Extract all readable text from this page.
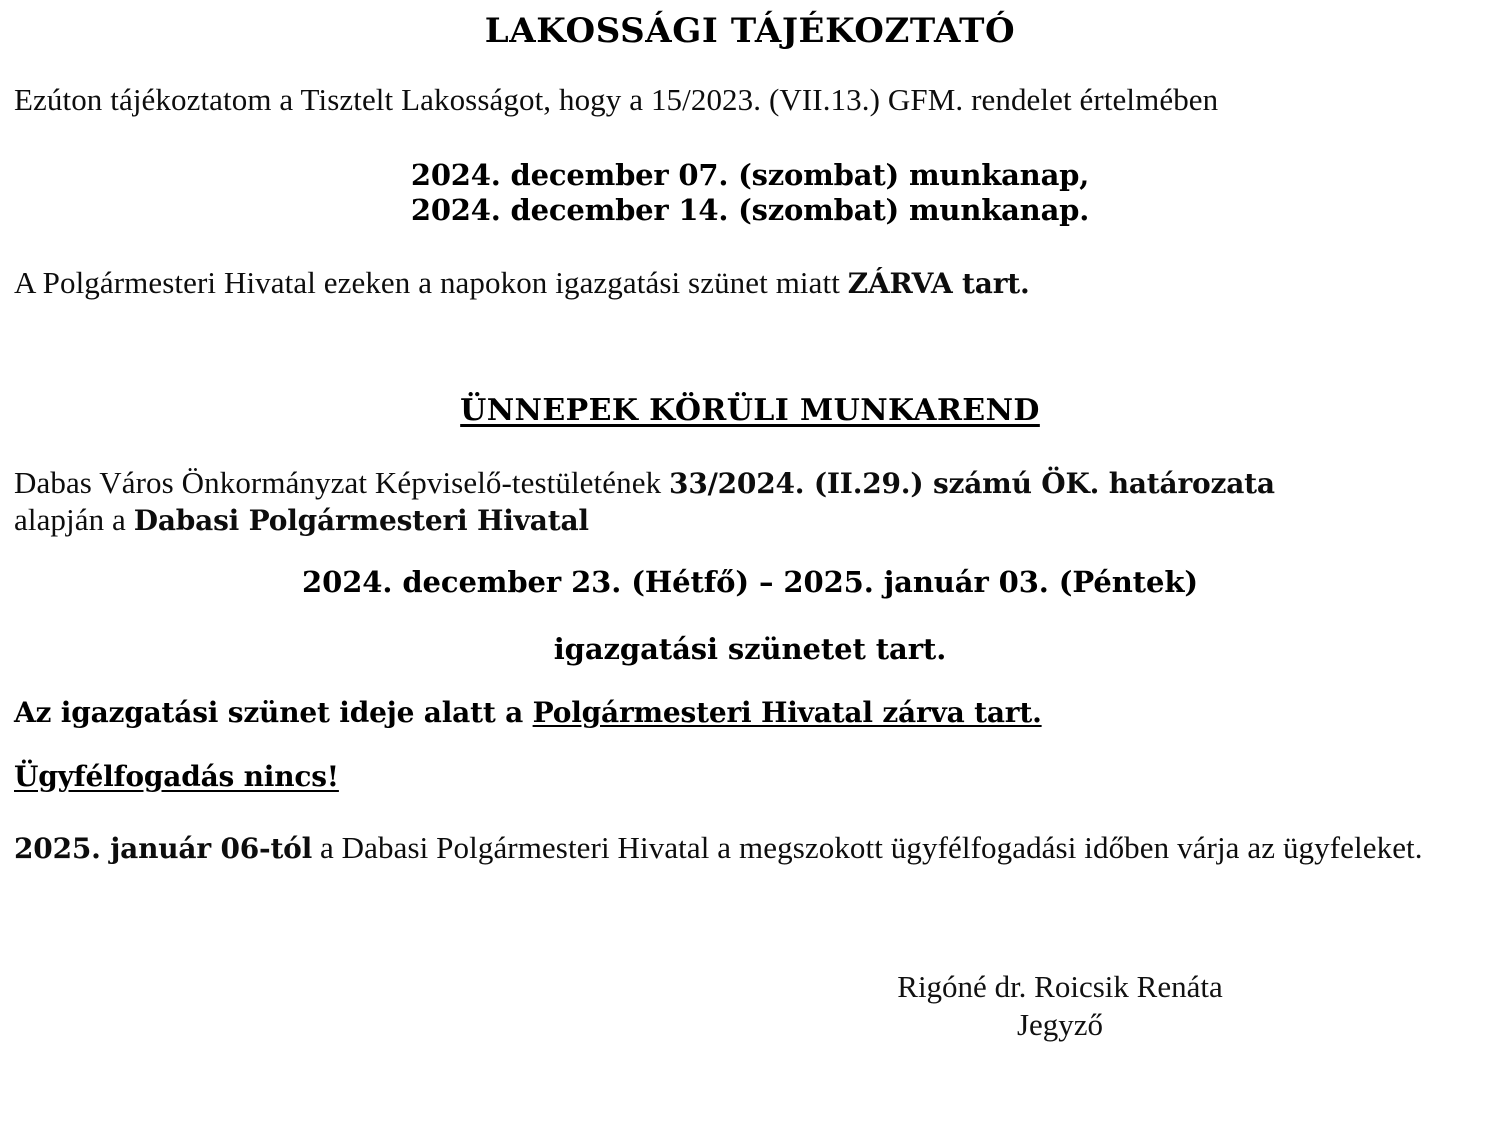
LAKOSSÁGI TÁJÉKOZTATÓ
Ezúton tájékoztatom a Tisztelt Lakosságot, hogy a 15/2023. (VII.13.) GFM. rendelet értelmében
2024. december 07. (szombat) munkanap,
2024. december 14. (szombat) munkanap.
A Polgármesteri Hivatal ezeken a napokon igazgatási szünet miatt ZÁRVA tart.
ÜNNEPEK KÖRÜLI MUNKAREND
Dabas Város Önkormányzat Képviselő-testületének 33/2024. (II.29.) számú ÖK. határozata
alapján a Dabasi Polgármesteri Hivatal
2024. december 23. (Hétfő) – 2025. január 03. (Péntek)
igazgatási szünetet tart.
Az igazgatási szünet ideje alatt a Polgármesteri Hivatal zárva tart.
Ügyfélfogadás nincs!
2025. január 06-tól a Dabasi Polgármesteri Hivatal a megszokott ügyfélfogadási időben várja az ügyfeleket.
Rigóné dr. Roicsik Renáta
Jegyző
